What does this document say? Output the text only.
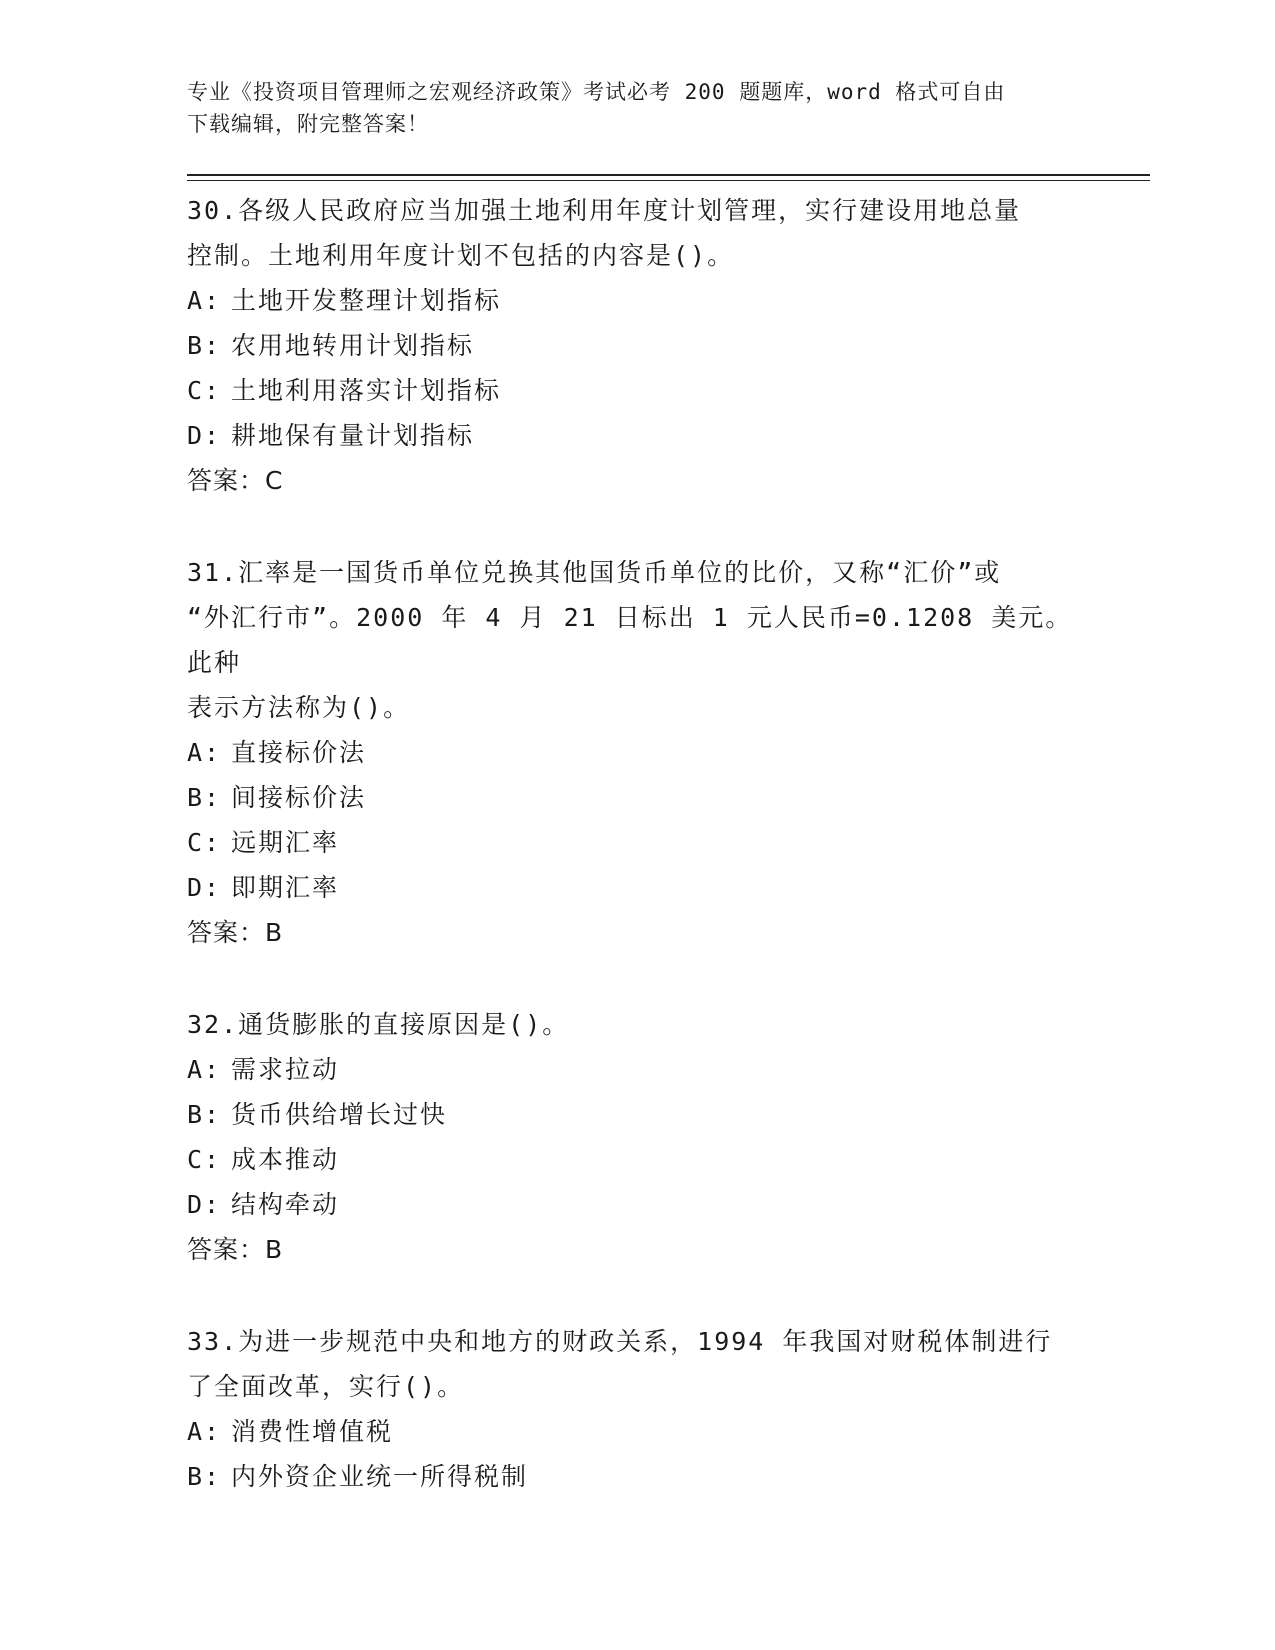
专业《投资项目管理师之宏观经济政策》考试必考 200 题题库，word 格式可自由
下载编辑，附完整答案！

30.各级人民政府应当加强土地利用年度计划管理，实行建设用地总量

控制。土地利用年度计划不包括的内容是()。

A: 土地开发整理计划指标

B: 农用地转用计划指标

C: 土地利用落实计划指标

D: 耕地保有量计划指标

答案：C

31.汇率是一国货币单位兑换其他国货币单位的比价，又称“汇价”或

“外汇行市”。2000 年 4 月 21 日标出 1 元人民币=0.1208 美元。此种

表示方法称为()。

A: 直接标价法

B: 间接标价法

C: 远期汇率

D: 即期汇率

答案：B

32.通货膨胀的直接原因是()。

A: 需求拉动

B: 货币供给增长过快

C: 成本推动

D: 结构牵动

答案：B

33.为进一步规范中央和地方的财政关系，1994 年我国对财税体制进行

了全面改革，实行()。

A: 消费性增值税

B: 内外资企业统一所得税制
